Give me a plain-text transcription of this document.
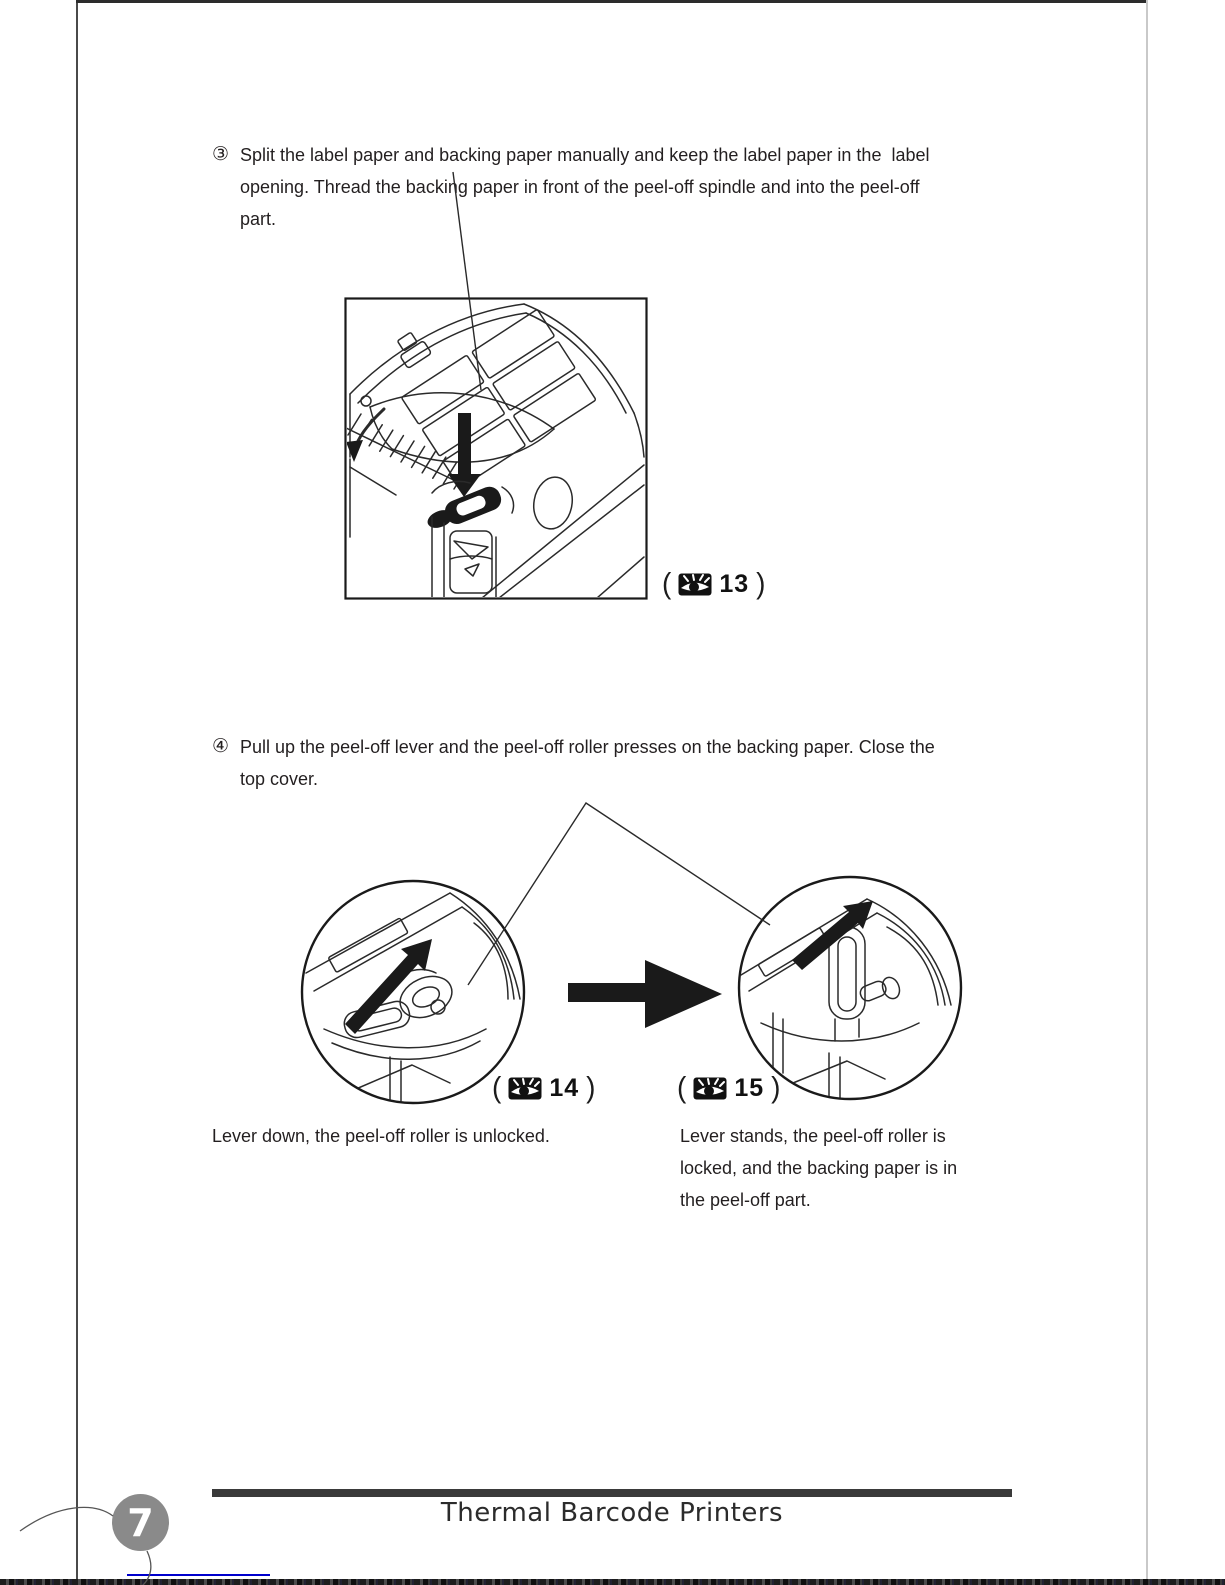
③ Split the label paper and backing paper manually and keep the label paper in the  label
opening. Thread the backing paper in front of the peel-off spindle and into the peel-off
part.
( 13 )
④ Pull up the peel-off lever and the peel-off roller presses on the backing paper. Close the
top cover.
( 14 )	( 15 )
Lever down, the peel-off roller is unlocked.	Lever stands, the peel-off roller is
locked, and the backing paper is in
the peel-off part.
Thermal Barcode Printers
7
